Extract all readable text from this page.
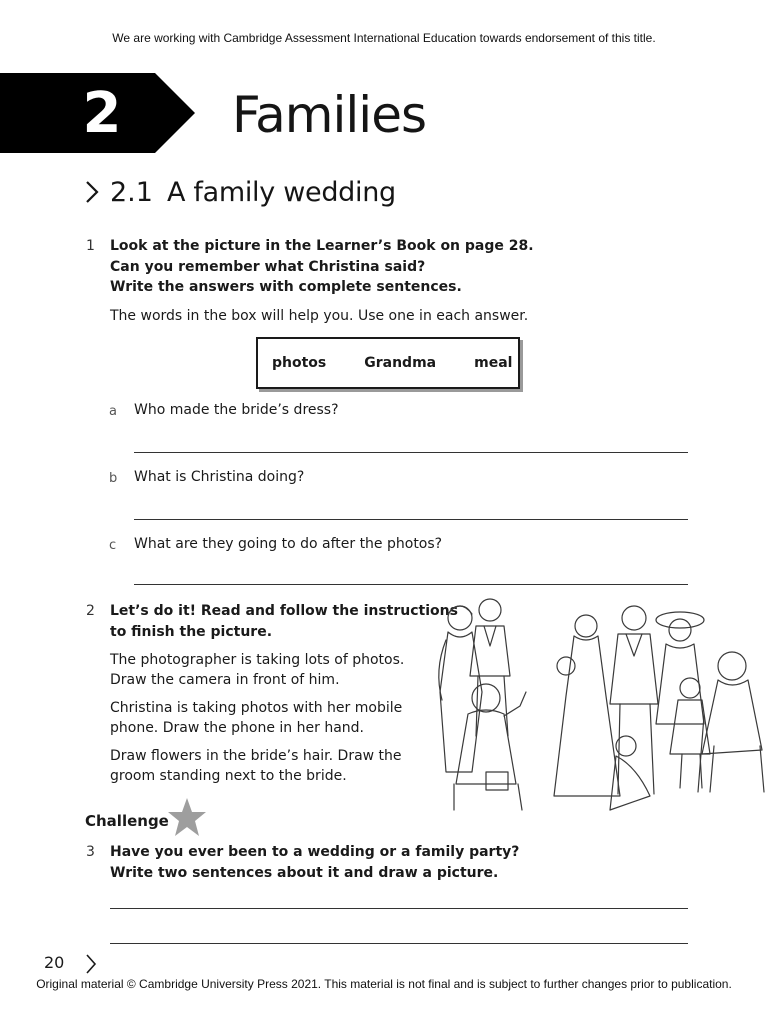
We are working with Cambridge Assessment International Education towards endorsement of this title.
2	Families
2.1 A family wedding
1 Look at the picture in the Learner’s Book on page 28.
Can you remember what Christina said?
Write the answers with complete sentences.
The words in the box will help you. Use one in each answer.
photos	Grandma	meal
a Who made the bride’s dress?
b What is Christina doing?
c What are they going to do after the photos?
2 Let’s do it! Read and follow the instructions
to finish the picture.
The photographer is taking lots of photos.
Draw the camera in front of him.
Christina is taking photos with her mobile
phone. Draw the phone in her hand.
Draw flowers in the bride’s hair. Draw the
groom standing next to the bride.
Challenge
3 Have you ever been to a wedding or a family party?
Write two sentences about it and draw a picture.
20
Original material © Cambridge University Press 2021. This material is not final and is subject to further changes prior to publication.
